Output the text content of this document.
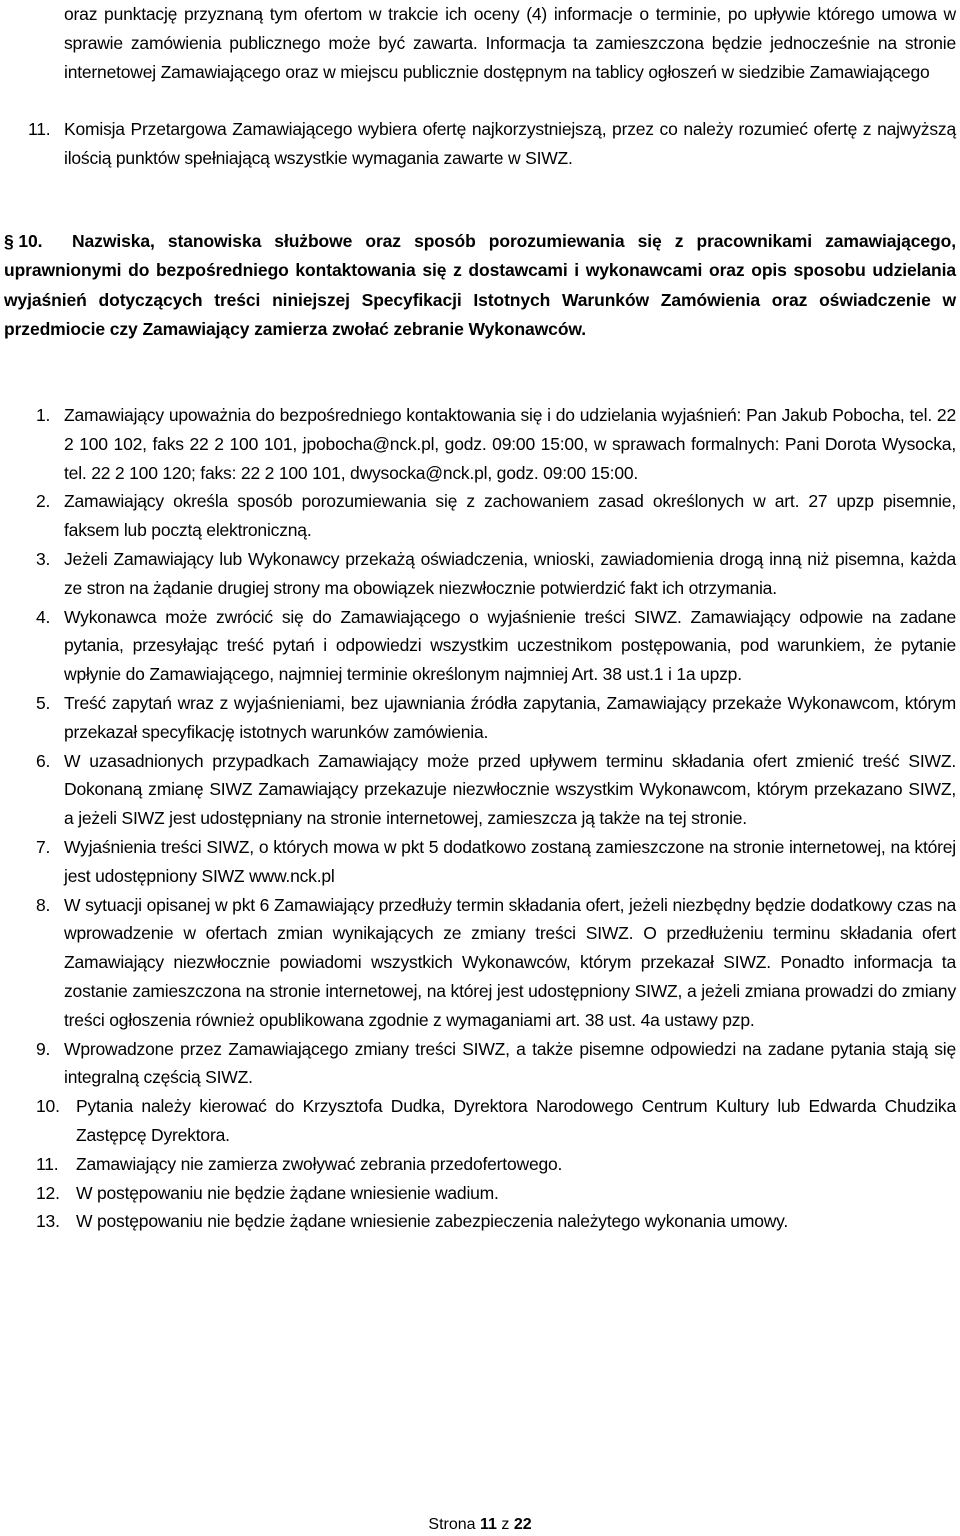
oraz punktację przyznaną tym ofertom w trakcie ich oceny (4) informacje o terminie, po upływie którego umowa w sprawie zamówienia publicznego może być zawarta. Informacja ta zamieszczona będzie jednocześnie na stronie internetowej Zamawiającego oraz w miejscu publicznie dostępnym na tablicy ogłoszeń w siedzibie Zamawiającego
11. Komisja Przetargowa Zamawiającego wybiera ofertę najkorzystniejszą, przez co należy rozumieć ofertę z najwyższą ilością punktów spełniającą wszystkie wymagania zawarte w SIWZ.
§ 10. Nazwiska, stanowiska służbowe oraz sposób porozumiewania się z pracownikami zamawiającego, uprawnionymi do bezpośredniego kontaktowania się z dostawcami i wykonawcami oraz opis sposobu udzielania wyjaśnień dotyczących treści niniejszej Specyfikacji Istotnych Warunków Zamówienia oraz oświadczenie w przedmiocie czy Zamawiający zamierza zwołać zebranie Wykonawców.
1. Zamawiający upoważnia do bezpośredniego kontaktowania się i do udzielania wyjaśnień: Pan Jakub Pobocha, tel. 22 2 100 102, faks 22 2 100 101, jpobocha@nck.pl, godz. 09:00 15:00, w sprawach formalnych: Pani Dorota Wysocka, tel. 22 2 100 120; faks: 22 2 100 101, dwysocka@nck.pl, godz. 09:00 15:00.
2. Zamawiający określa sposób porozumiewania się z zachowaniem zasad określonych w art. 27 upzp pisemnie, faksem lub pocztą elektroniczną.
3. Jeżeli Zamawiający lub Wykonawcy przekażą oświadczenia, wnioski, zawiadomienia drogą inną niż pisemna, każda ze stron na żądanie drugiej strony ma obowiązek niezwłocznie potwierdzić fakt ich otrzymania.
4. Wykonawca może zwrócić się do Zamawiającego o wyjaśnienie treści SIWZ. Zamawiający odpowie na zadane pytania, przesyłając treść pytań i odpowiedzi wszystkim uczestnikom postępowania, pod warunkiem, że pytanie wpłynie do Zamawiającego, najmniej terminie określonym najmniej Art. 38 ust.1 i 1a upzp.
5. Treść zapytań wraz z wyjaśnieniami, bez ujawniania źródła zapytania, Zamawiający przekaże Wykonawcom, którym przekazał specyfikację istotnych warunków zamówienia.
6. W uzasadnionych przypadkach Zamawiający może przed upływem terminu składania ofert zmienić treść SIWZ. Dokonaną zmianę SIWZ Zamawiający przekazuje niezwłocznie wszystkim Wykonawcom, którym przekazano SIWZ, a jeżeli SIWZ jest udostępniany na stronie internetowej, zamieszcza ją także na tej stronie.
7. Wyjaśnienia treści SIWZ, o których mowa w pkt 5 dodatkowo zostaną zamieszczone na stronie internetowej, na której jest udostępniony SIWZ www.nck.pl
8. W sytuacji opisanej w pkt 6 Zamawiający przedłuży termin składania ofert, jeżeli niezbędny będzie dodatkowy czas na wprowadzenie w ofertach zmian wynikających ze zmiany treści SIWZ. O przedłużeniu terminu składania ofert Zamawiający niezwłocznie powiadomi wszystkich Wykonawców, którym przekazał SIWZ. Ponadto informacja ta zostanie zamieszczona na stronie internetowej, na której jest udostępniony SIWZ, a jeżeli zmiana prowadzi do zmiany treści ogłoszenia również opublikowana zgodnie z wymaganiami art. 38 ust. 4a ustawy pzp.
9. Wprowadzone przez Zamawiającego zmiany treści SIWZ, a także pisemne odpowiedzi na zadane pytania stają się integralną częścią SIWZ.
10. Pytania należy kierować do Krzysztofa Dudka, Dyrektora Narodowego Centrum Kultury lub Edwarda Chudzika Zastępcę Dyrektora.
11.	Zamawiający nie zamierza zwoływać zebrania przedofertowego.
12. W postępowaniu nie będzie żądane wniesienie wadium.
13. W postępowaniu nie będzie żądane wniesienie zabezpieczenia należytego wykonania umowy.
Strona 11 z 22
